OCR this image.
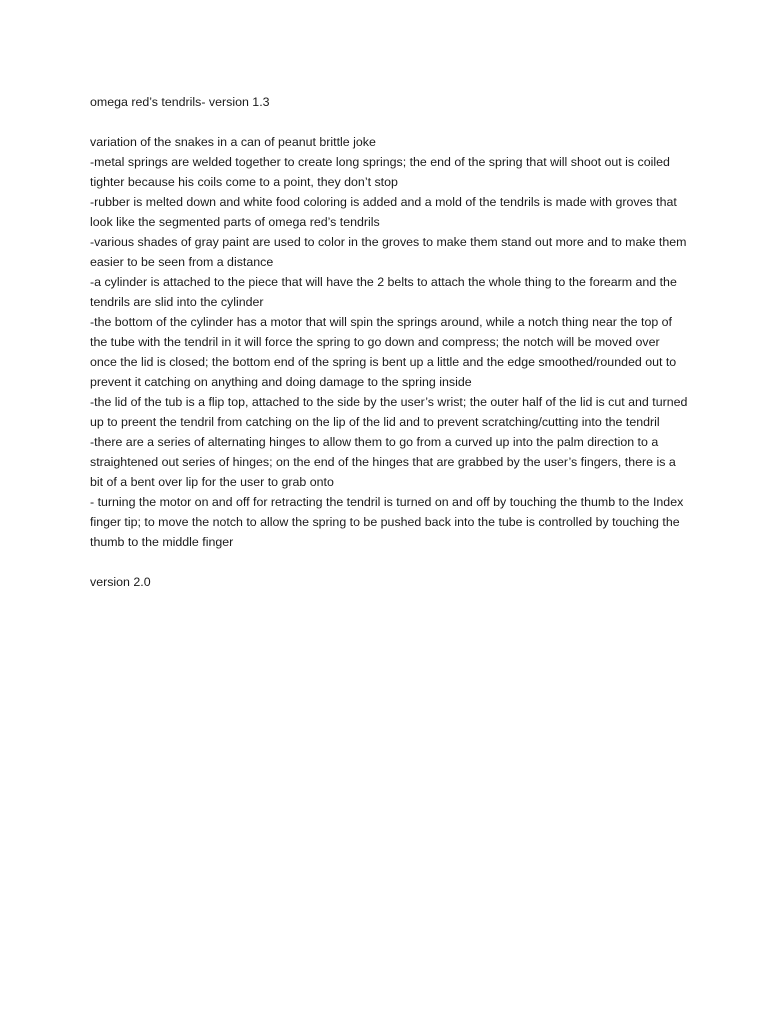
omega red’s tendrils- version 1.3

variation of the snakes in a can of peanut brittle joke

-metal springs are welded together to create long springs; the end of the spring that will shoot out is coiled tighter because his coils come to a point, they don’t stop

-rubber is melted down and white food coloring is added and a mold of the tendrils is made with groves that look like the segmented parts of omega red’s tendrils

-various shades of gray paint are used to color in the groves to make them stand out more and to make them easier to be seen from a distance

-a cylinder is attached to the piece that will have the 2 belts to attach the whole thing to the forearm and the tendrils are slid into the cylinder

-the bottom of the cylinder has a motor that will spin the springs around, while a notch thing near the top of the tube with the tendril in it will force the spring to go down and compress; the notch will be moved over once the lid is closed; the bottom end of the spring is bent up a little and the edge smoothed/rounded out to prevent it catching on anything and doing damage to the spring inside

-the lid of the tub is a flip top, attached to the side by the user’s wrist; the outer half of the lid is cut and turned up to preent the tendril from catching on the lip of the lid and to prevent scratching/cutting into the tendril

-there are a series of alternating hinges to allow them to go from a curved up into the palm direction to a straightened out series of hinges; on the end of the hinges that are grabbed by the user’s fingers, there is a bit of a bent over lip for the user to grab onto

- turning the motor on and off for retracting the tendril is turned on and off by touching the thumb to the Index finger tip; to move the notch to allow the spring to be pushed back into the tube is controlled by touching the thumb to the middle finger

version 2.0
